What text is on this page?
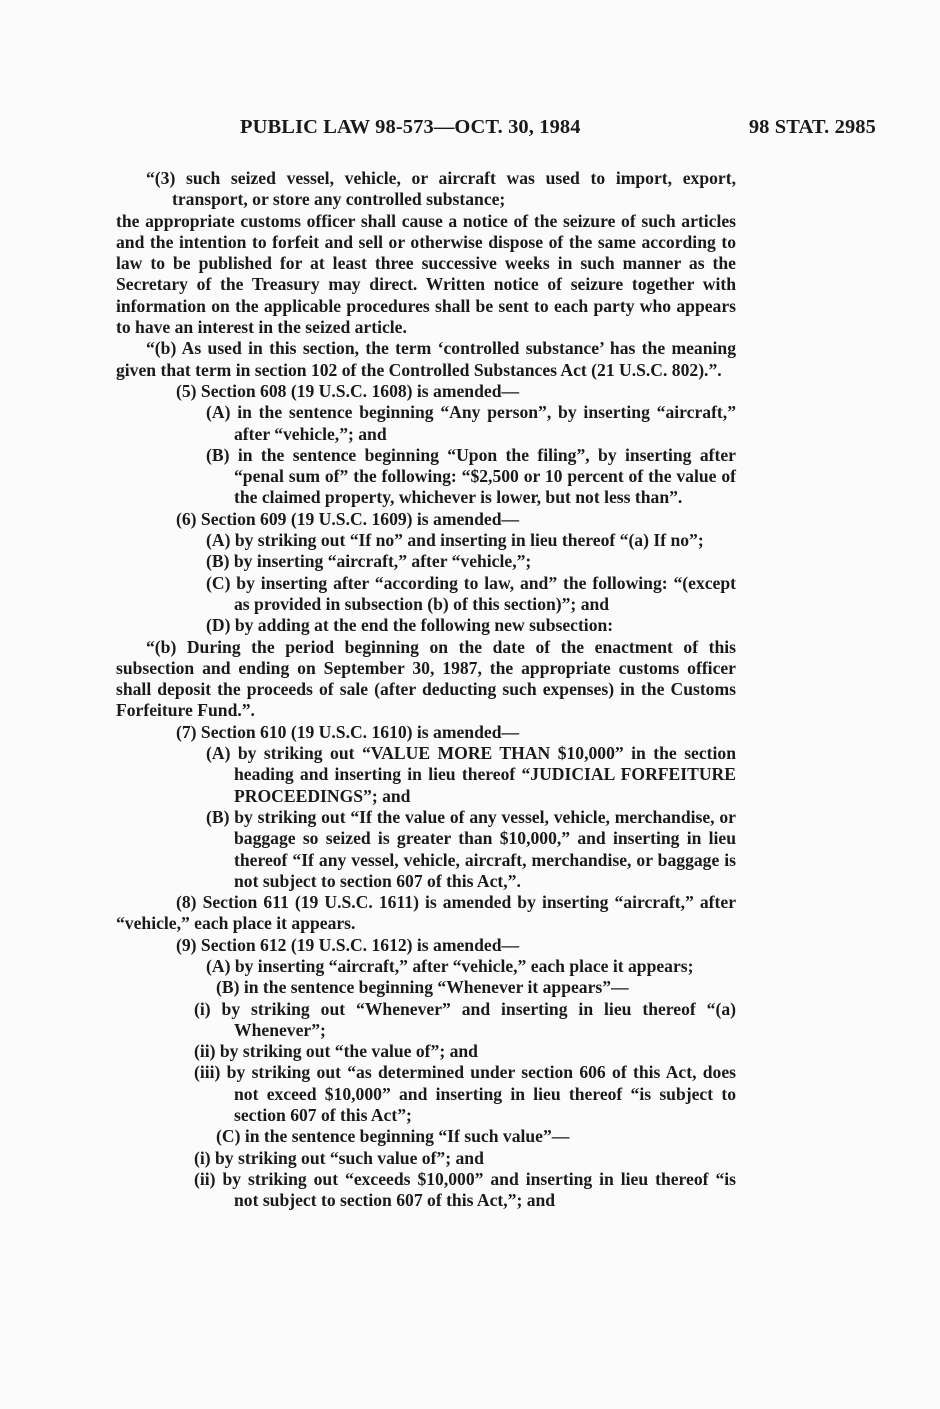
PUBLIC LAW 98-573—OCT. 30, 1984	98 STAT. 2985

“(3) such seized vessel, vehicle, or aircraft was used to import, export, transport, or store any controlled substance;

the appropriate customs officer shall cause a notice of the seizure of such articles and the intention to forfeit and sell or otherwise dispose of the same according to law to be published for at least three successive weeks in such manner as the Secretary of the Treasury may direct. Written notice of seizure together with information on the applicable procedures shall be sent to each party who appears to have an interest in the seized article.

“(b) As used in this section, the term ‘controlled substance’ has the meaning given that term in section 102 of the Controlled Substances Act (21 U.S.C. 802).”.

(5) Section 608 (19 U.S.C. 1608) is amended—

(A) in the sentence beginning “Any person”, by inserting “aircraft,” after “vehicle,”; and

(B) in the sentence beginning “Upon the filing”, by inserting after “penal sum of” the following: “$2,500 or 10 percent of the value of the claimed property, whichever is lower, but not less than”.

(6) Section 609 (19 U.S.C. 1609) is amended—

(A) by striking out “If no” and inserting in lieu thereof “(a) If no”;

(B) by inserting “aircraft,” after “vehicle,”;

(C) by inserting after “according to law, and” the following: “(except as provided in subsection (b) of this section)”; and

(D) by adding at the end the following new subsection:

“(b) During the period beginning on the date of the enactment of this subsection and ending on September 30, 1987, the appropriate customs officer shall deposit the proceeds of sale (after deducting such expenses) in the Customs Forfeiture Fund.”.

(7) Section 610 (19 U.S.C. 1610) is amended—

(A) by striking out “VALUE MORE THAN $10,000” in the section heading and inserting in lieu thereof “JUDICIAL FORFEITURE PROCEEDINGS”; and

(B) by striking out “If the value of any vessel, vehicle, merchandise, or baggage so seized is greater than $10,000,” and inserting in lieu thereof “If any vessel, vehicle, aircraft, merchandise, or baggage is not subject to section 607 of this Act,”.

(8) Section 611 (19 U.S.C. 1611) is amended by inserting “aircraft,” after “vehicle,” each place it appears.

(9) Section 612 (19 U.S.C. 1612) is amended—

(A) by inserting “aircraft,” after “vehicle,” each place it appears;

(B) in the sentence beginning “Whenever it appears”—

(i) by striking out “Whenever” and inserting in lieu thereof “(a) Whenever”;

(ii) by striking out “the value of”; and

(iii) by striking out “as determined under section 606 of this Act, does not exceed $10,000” and inserting in lieu thereof “is subject to section 607 of this Act”;

(C) in the sentence beginning “If such value”—

(i) by striking out “such value of”; and

(ii) by striking out “exceeds $10,000” and inserting in lieu thereof “is not subject to section 607 of this Act,”; and
